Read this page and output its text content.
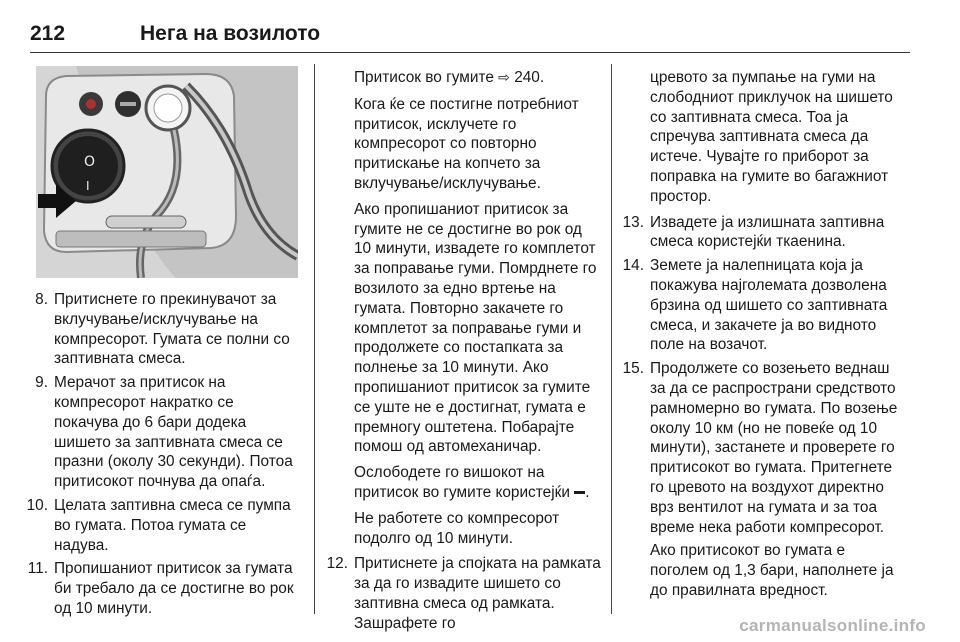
212	Нега на возилото
O
I
8. Притиснете го прекинувачот за вклучување/исклучување на компресорот. Гумата се полни со заптивната смеса.
9. Мерачот за притисок на компресорот накратко се покачува до 6 бари додека шишето за заптивната смеса се празни (околу 30 секунди). Потоа притисокот почнува да опаѓа.
10. Целата заптивна смеса се пумпа во гумата. Потоа гумата се надува.
11. Пропишаниот притисок за гумата би требало да се достигне во рок од 10 минути.

Притисок во гумите ⇨ 240.

Кога ќе се постигне потребниот притисок, исклучете го компресорот со повторно притискање на копчето за вклучување/исклучување.

Ако пропишаниот притисок за гумите не се достигне во рок од 10 минути, извадете го комплетот за поправање гуми. Помрднете го возилото за едно вртење на гумата. Повторно закачете го комплетот за поправање гуми и продолжете со постапката за полнење за 10 минути. Ако пропишаниот притисок за гумите се уште не е достигнат, гумата е премногу оштетена. Побарајте помош од автомеханичар.

Ослободете го вишокот на притисок во гумите користејќи .

Не работете со компресорот подолго од 10 минути.

12. Притиснете ја спојката на рамката за да го извадите шишето со заптивна смеса од рамката. Зашрафете го

цревото за пумпање на гуми на слободниот приклучок на шишето со заптивната смеса. Тоа ја спречува заптивната смеса да истече. Чувајте го приборот за поправка на гумите во багажниот простор.

13. Извадете ја излишната заптивна смеса користејќи ткаенина.
14. Земете ја налепницата која ја покажува најголемата дозволена брзина од шишето со заптивната смеса, и закачете ја во видното поле на возачот.
15. Продолжете со возењето веднаш за да се распространи средството рамномерно во гумата. По возење околу 10 км (но не повеќе од 10 минути), застанете и проверете го притисокот во гумата. Притегнете го цревото на воздухот директно врз вентилот на гумата и за тоа време нека работи компресорот.

Ако притисокот во гумата е поголем од 1,3 бари, наполнете ја до правилната вредност.

carmanualsonline.info
